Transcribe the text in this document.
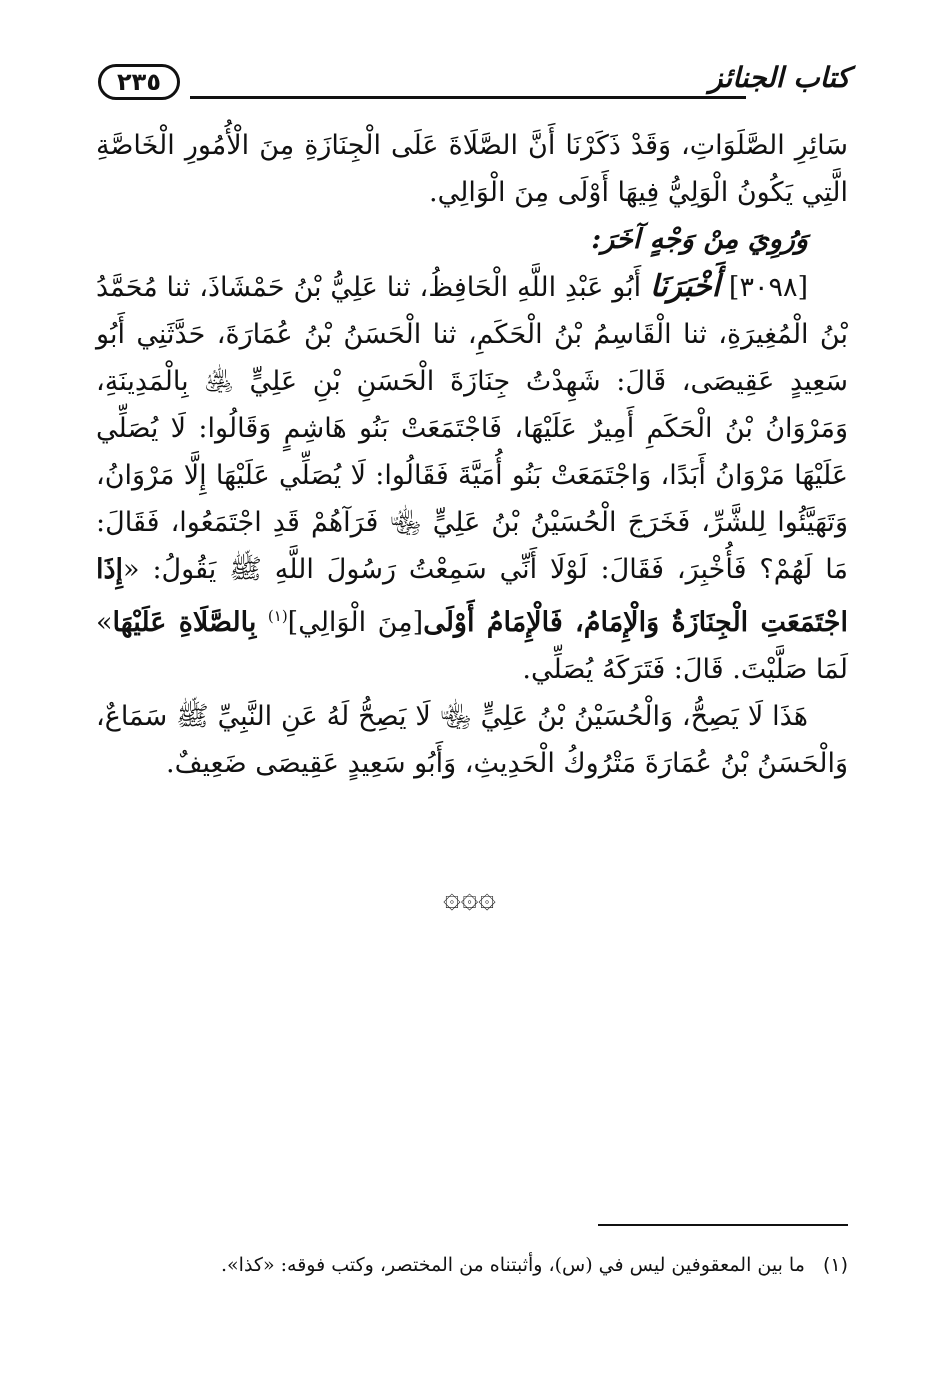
٢٣٥	كتاب الجنائز

سَائِرِ الصَّلَوَاتِ، وَقَدْ ذَكَرْنَا أَنَّ الصَّلَاةَ عَلَى الْجِنَازَةِ مِنَ الْأُمُورِ الْخَاصَّةِ الَّتِي يَكُونُ الْوَلِيُّ فِيهَا أَوْلَى مِنَ الْوَالِي.

وَرُوِيَ مِنْ وَجْهٍ آخَرَ:

[٣٠٩٨] أَخْبَرَنَا أَبُو عَبْدِ اللَّهِ الْحَافِظُ، ثنا عَلِيُّ بْنُ حَمْشَاذَ، ثنا مُحَمَّدُ بْنُ الْمُغِيرَةِ، ثنا الْقَاسِمُ بْنُ الْحَكَمِ، ثنا الْحَسَنُ بْنُ عُمَارَةَ، حَدَّثَنِي أَبُو سَعِيدٍ عَقِيصَى، قَالَ: شَهِدْتُ جِنَازَةَ الْحَسَنِ بْنِ عَلِيٍّ ﵁ بِالْمَدِينَةِ، وَمَرْوَانُ بْنُ الْحَكَمِ أَمِيرٌ عَلَيْهَا، فَاجْتَمَعَتْ بَنُو هَاشِمٍ وَقَالُوا: لَا يُصَلِّي عَلَيْهَا مَرْوَانُ أَبَدًا، وَاجْتَمَعَتْ بَنُو أُمَيَّةَ فَقَالُوا: لَا يُصَلِّي عَلَيْهَا إِلَّا مَرْوَانُ، وَتَهَيَّئُوا لِلشَّرِّ، فَخَرَجَ الْحُسَيْنُ بْنُ عَلِيٍّ ﵄ فَرَآهُمْ قَدِ اجْتَمَعُوا، فَقَالَ: مَا لَهُمْ؟ فَأُخْبِرَ، فَقَالَ: لَوْلَا أَنِّي سَمِعْتُ رَسُولَ اللَّهِ ﷺ يَقُولُ: «إِذَا اجْتَمَعَتِ الْجِنَازَةُ وَالْإِمَامُ، فَالْإِمَامُ أَوْلَى[مِنَ الْوَالِي]$^{(١)}$ بِالصَّلَاةِ عَلَيْهَا» لَمَا صَلَّيْتَ. قَالَ: فَتَرَكَهُ يُصَلِّي.

هَذَا لَا يَصِحُّ، وَالْحُسَيْنُ بْنُ عَلِيٍّ ﵄ لَا يَصِحُّ لَهُ عَنِ النَّبِيِّ ﷺ سَمَاعٌ، وَالْحَسَنُ بْنُ عُمَارَةَ مَتْرُوكُ الْحَدِيثِ، وَأَبُو سَعِيدٍ عَقِيصَى ضَعِيفٌ.

۞۞۞
(١) ما بين المعقوفين ليس في (س)، وأثبتناه من المختصر، وكتب فوقه: «كذا».
